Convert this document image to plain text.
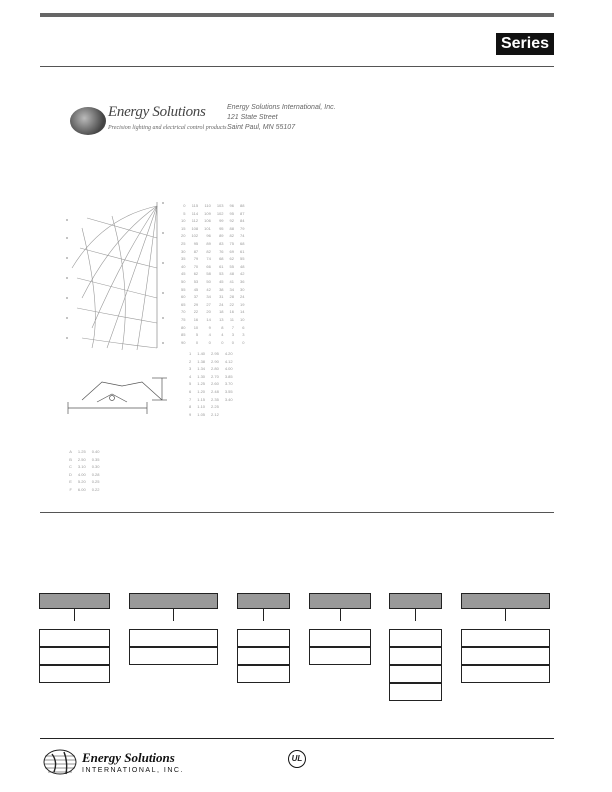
Series
Energy Solutions
Precision lighting and electrical control products
Energy Solutions International, Inc.
121 State Street
Saint Paul, MN 55107
0	115	110	103	96	88
5	114	109	102	95	87
10	112	106	99	92	84
15	108	101	95	88	79
20	102	96	89	82	74
25	95	89	83	75	68
30	87	82	76	69	61
35	79	74	68	62	55
40	70	66	61	55	48
45	62	58	53	48	42
50	53	50	45	41	36
55	45	42	38	34	30
60	37	34	31	28	24
65	29	27	24	22	19
70	22	20	18	16	14
75	16	14	13	11	10
80	10	9	8	7	6
85	5	4	4	3	3
90	0	0	0	0	0
1	1.40	2.95	4.20
2	1.38	2.90	4.12
3	1.34	2.80	4.00
4	1.30	2.70	3.85
5	1.25	2.60	3.70
6	1.20	2.48	3.55
7	1.15	2.35	3.40
8	1.10	2.25	
9	1.05	2.12	
A	1.25	0.40
B	2.50	0.35
C	3.10	0.30
D	4.00	0.28
E	5.20	0.25
F	6.00	0.22
Energy Solutions
INTERNATIONAL, INC.
UL
